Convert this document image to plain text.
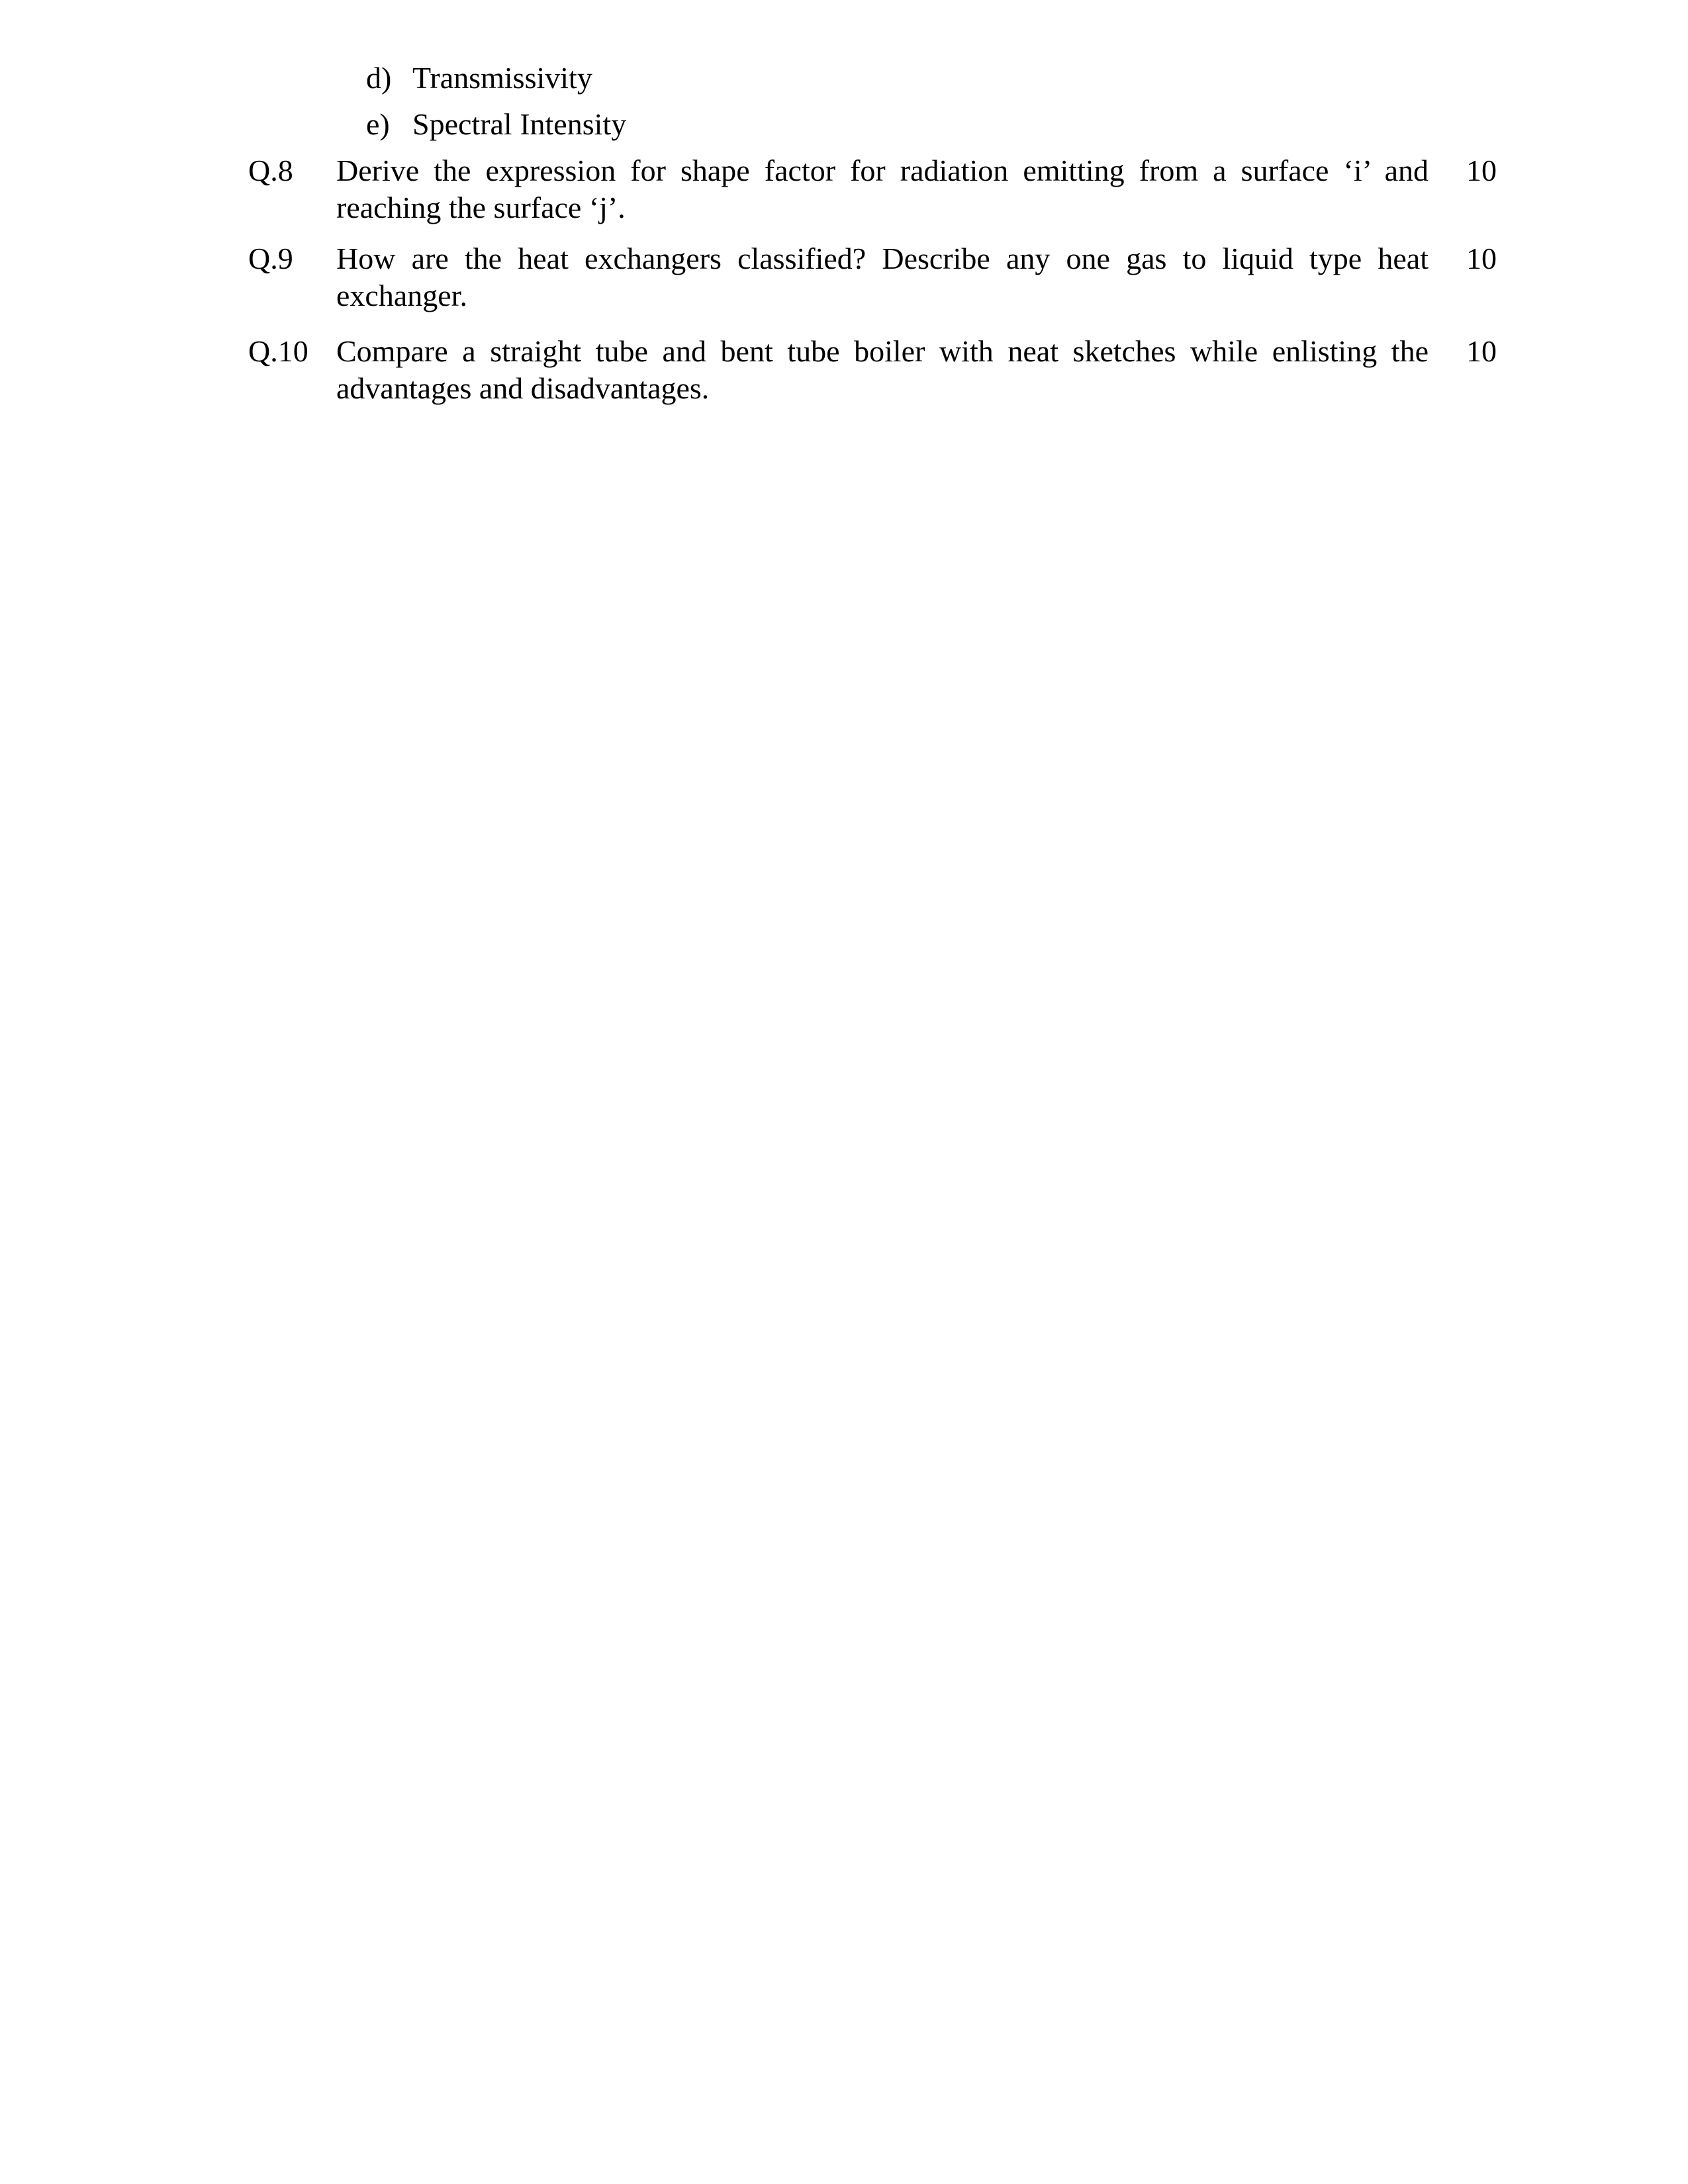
d) Transmissivity
e) Spectral Intensity
Q.8	Derive the expression for shape factor for radiation emitting from a surface ‘i’ and
reaching the surface ‘j’.
10
Q.9	How are the heat exchangers classified? Describe any one gas to liquid type heat
exchanger.
10
Q.10 Compare a straight tube and bent tube boiler with neat sketches while enlisting the
advantages and disadvantages.
10
